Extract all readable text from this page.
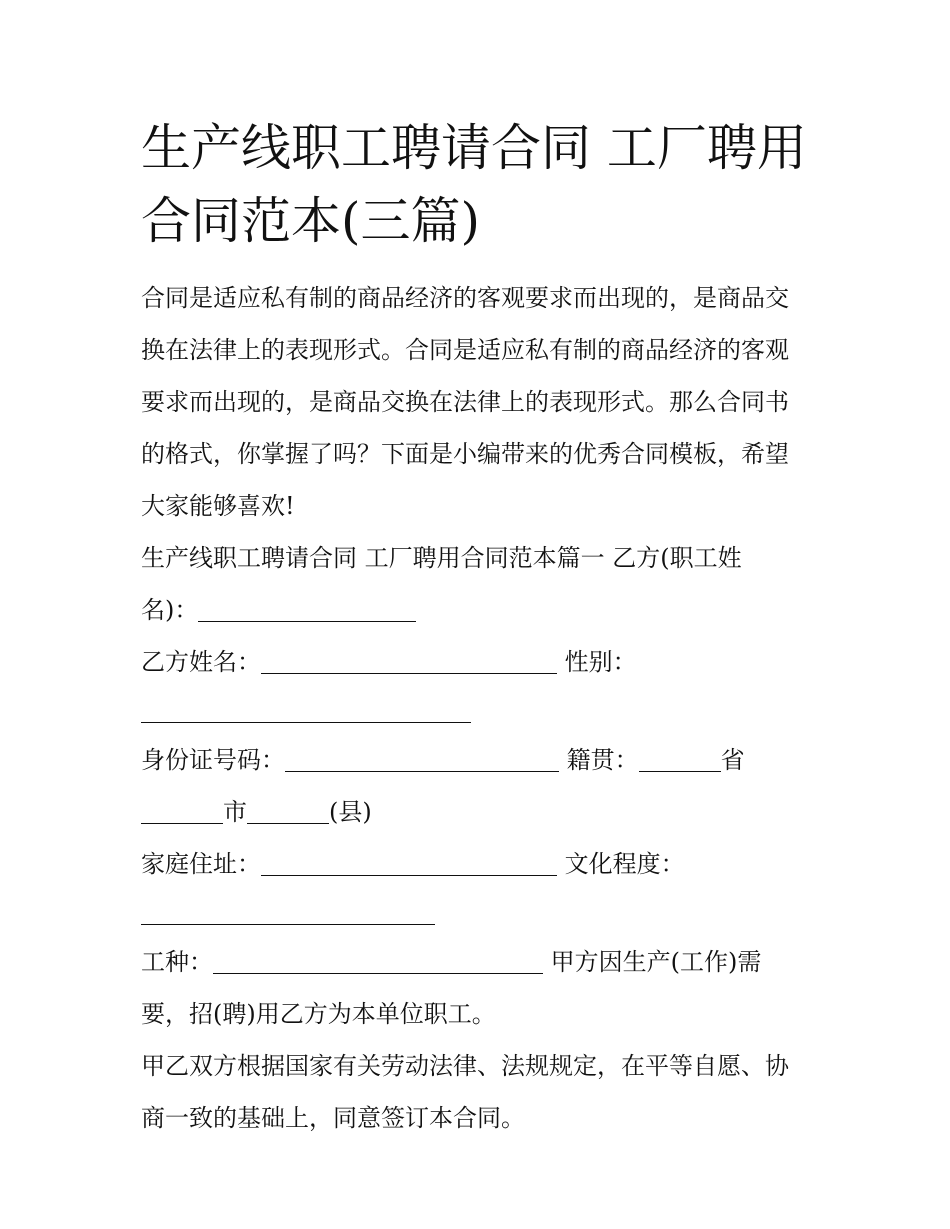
生产线职工聘请合同 工厂聘用合同范本(三篇)

合同是适应私有制的商品经济的客观要求而出现的，是商品交换在法律上的表现形式。合同是适应私有制的商品经济的客观要求而出现的，是商品交换在法律上的表现形式。那么合同书的格式，你掌握了吗？下面是小编带来的优秀合同模板，希望大家能够喜欢!

生产线职工聘请合同 工厂聘用合同范本篇一 乙方(职工姓

名)：

乙方姓名：	性别：

身份证号码：	籍贯：	省

市	(县)

家庭住址：	文化程度：

工种：	甲方因生产(工作)需

要，招(聘)用乙方为本单位职工。

甲乙双方根据国家有关劳动法律、法规规定，在平等自愿、协商一致的基础上，同意签订本合同。
